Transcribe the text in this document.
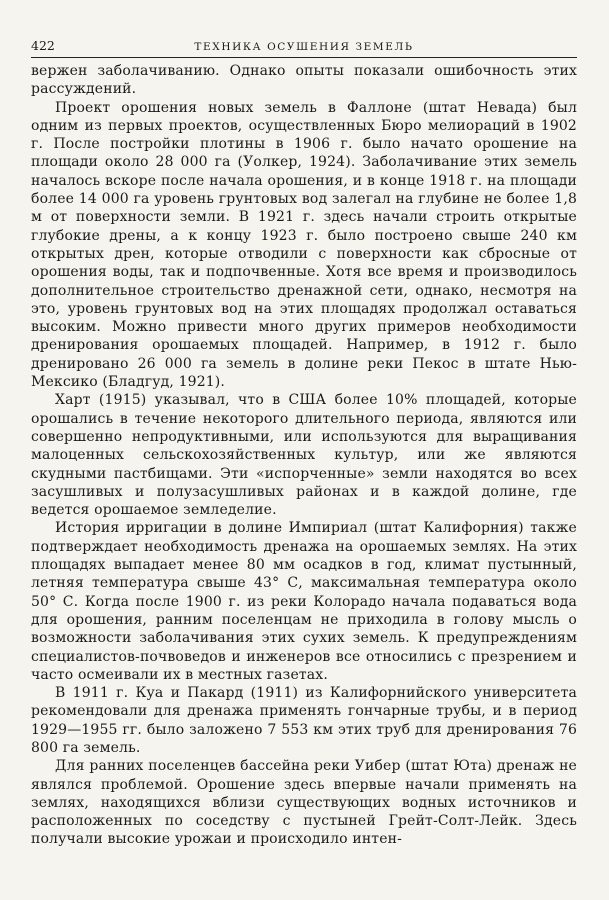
422	ТЕХНИКА ОСУШЕНИЯ ЗЕМЕЛЬ

вержен заболачиванию. Однако опыты показали ошибочность этих рассуждений.

Проект орошения новых земель в Фаллоне (штат Невада) был одним из первых проектов, осуществленных Бюро мелиораций в 1902 г. После постройки плотины в 1906 г. было начато орошение на площади около 28 000 га (Уолкер, 1924). Заболачивание этих земель началось вскоре после начала орошения, и в конце 1918 г. на площади более 14 000 га уровень грунтовых вод залегал на глубине не более 1,8 м от поверхности земли. В 1921 г. здесь начали строить открытые глубокие дрены, а к концу 1923 г. было построено свыше 240 км открытых дрен, которые отводили с поверхности как сбросные от орошения воды, так и подпочвенные. Хотя все время и производилось дополнительное строительство дренажной сети, однако, несмотря на это, уровень грунтовых вод на этих площадях продолжал оставаться высоким. Можно привести много других примеров необходимости дренирования орошаемых площадей. Например, в 1912 г. было дренировано 26 000 га земель в долине реки Пекос в штате Нью-Мексико (Бладгуд, 1921).

Харт (1915) указывал, что в США более 10% площадей, которые орошались в течение некоторого длительного периода, являются или совершенно непродуктивными, или используются для выращивания малоценных сельскохозяйственных культур, или же являются скудными пастбищами. Эти «испорченные» земли находятся во всех засушливых и полузасушливых районах и в каждой долине, где ведется орошаемое земледелие.

История ирригации в долине Импириал (штат Калифорния) также подтверждает необходимость дренажа на орошаемых землях. На этих площадях выпадает менее 80 мм осадков в год, климат пустынный, летняя температура свыше 43° С, максимальная температура около 50° С. Когда после 1900 г. из реки Колорадо начала подаваться вода для орошения, ранним поселенцам не приходила в голову мысль о возможности заболачивания этих сухих земель. К предупреждениям специалистов-почвоведов и инженеров все относились с презрением и часто осмеивали их в местных газетах.

В 1911 г. Куа и Пакард (1911) из Калифорнийского университета рекомендовали для дренажа применять гончарные трубы, и в период 1929—1955 гг. было заложено 7 553 км этих труб для дренирования 76 800 га земель.

Для ранних поселенцев бассейна реки Уибер (штат Юта) дренаж не являлся проблемой. Орошение здесь впервые начали применять на землях, находящихся вблизи существующих водных источников и расположенных по соседству с пустыней Грейт-Солт-Лейк. Здесь получали высокие урожаи и происходило интен-
